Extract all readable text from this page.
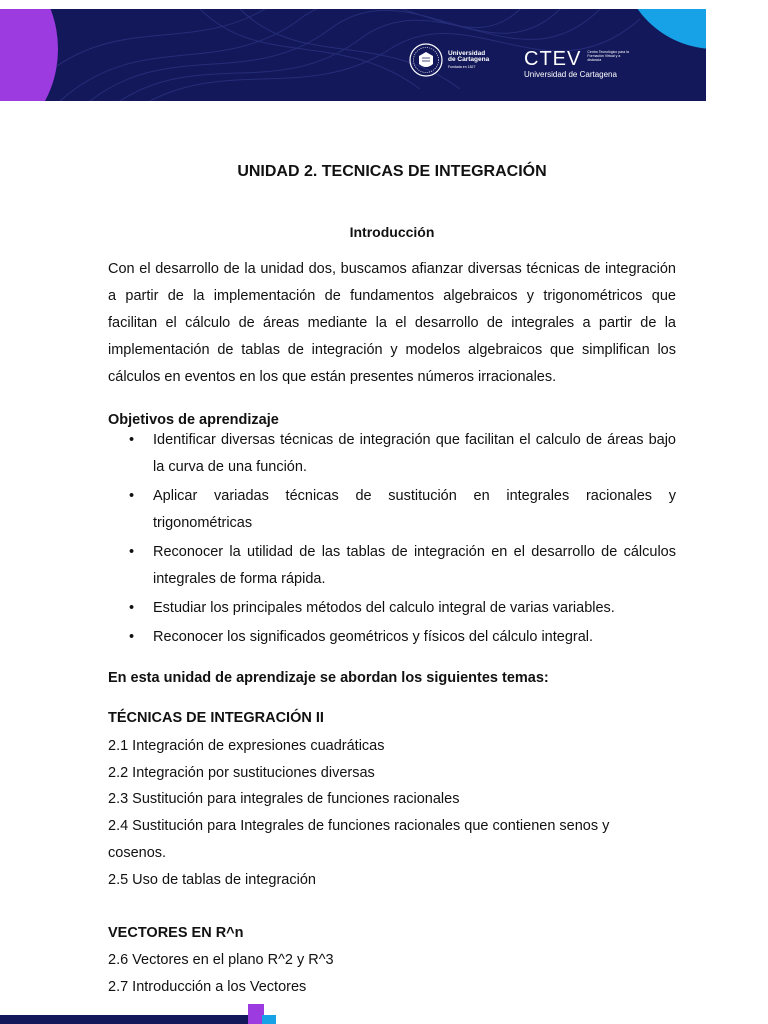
Universidad
de Cartagena
Fundada en 1827	CTEV Centro Tecnológico para la Formación Virtual y a distancia
Universidad de Cartagena
UNIDAD 2. TECNICAS DE INTEGRACIÓN
Introducción

Con el desarrollo de la unidad dos, buscamos afianzar diversas técnicas de integración a partir de la implementación de fundamentos algebraicos y trigonométricos que facilitan el cálculo de áreas mediante la el desarrollo de integrales a partir de la implementación de tablas de integración y modelos algebraicos que simplifican los cálculos en eventos en los que están presentes números irracionales.

Objetivos de aprendizaje
• Identificar diversas técnicas de integración que facilitan el calculo de áreas bajo la curva de una función.
• Aplicar variadas técnicas de sustitución en integrales racionales y trigonométricas
• Reconocer la utilidad de las tablas de integración en el desarrollo de cálculos integrales de forma rápida.
• Estudiar los principales métodos del calculo integral de varias variables.
• Reconocer los significados geométricos y físicos del cálculo integral.
En esta unidad de aprendizaje se abordan los siguientes temas:
TÉCNICAS DE INTEGRACIÓN II
2.1 Integración de expresiones cuadráticas
2.2 Integración por sustituciones diversas
2.3 Sustitución para integrales de funciones racionales
2.4 Sustitución para Integrales de funciones racionales que contienen senos y cosenos.
2.5 Uso de tablas de integración
VECTORES EN R^n
2.6 Vectores en el plano R^2 y R^3
2.7 Introducción a los Vectores
